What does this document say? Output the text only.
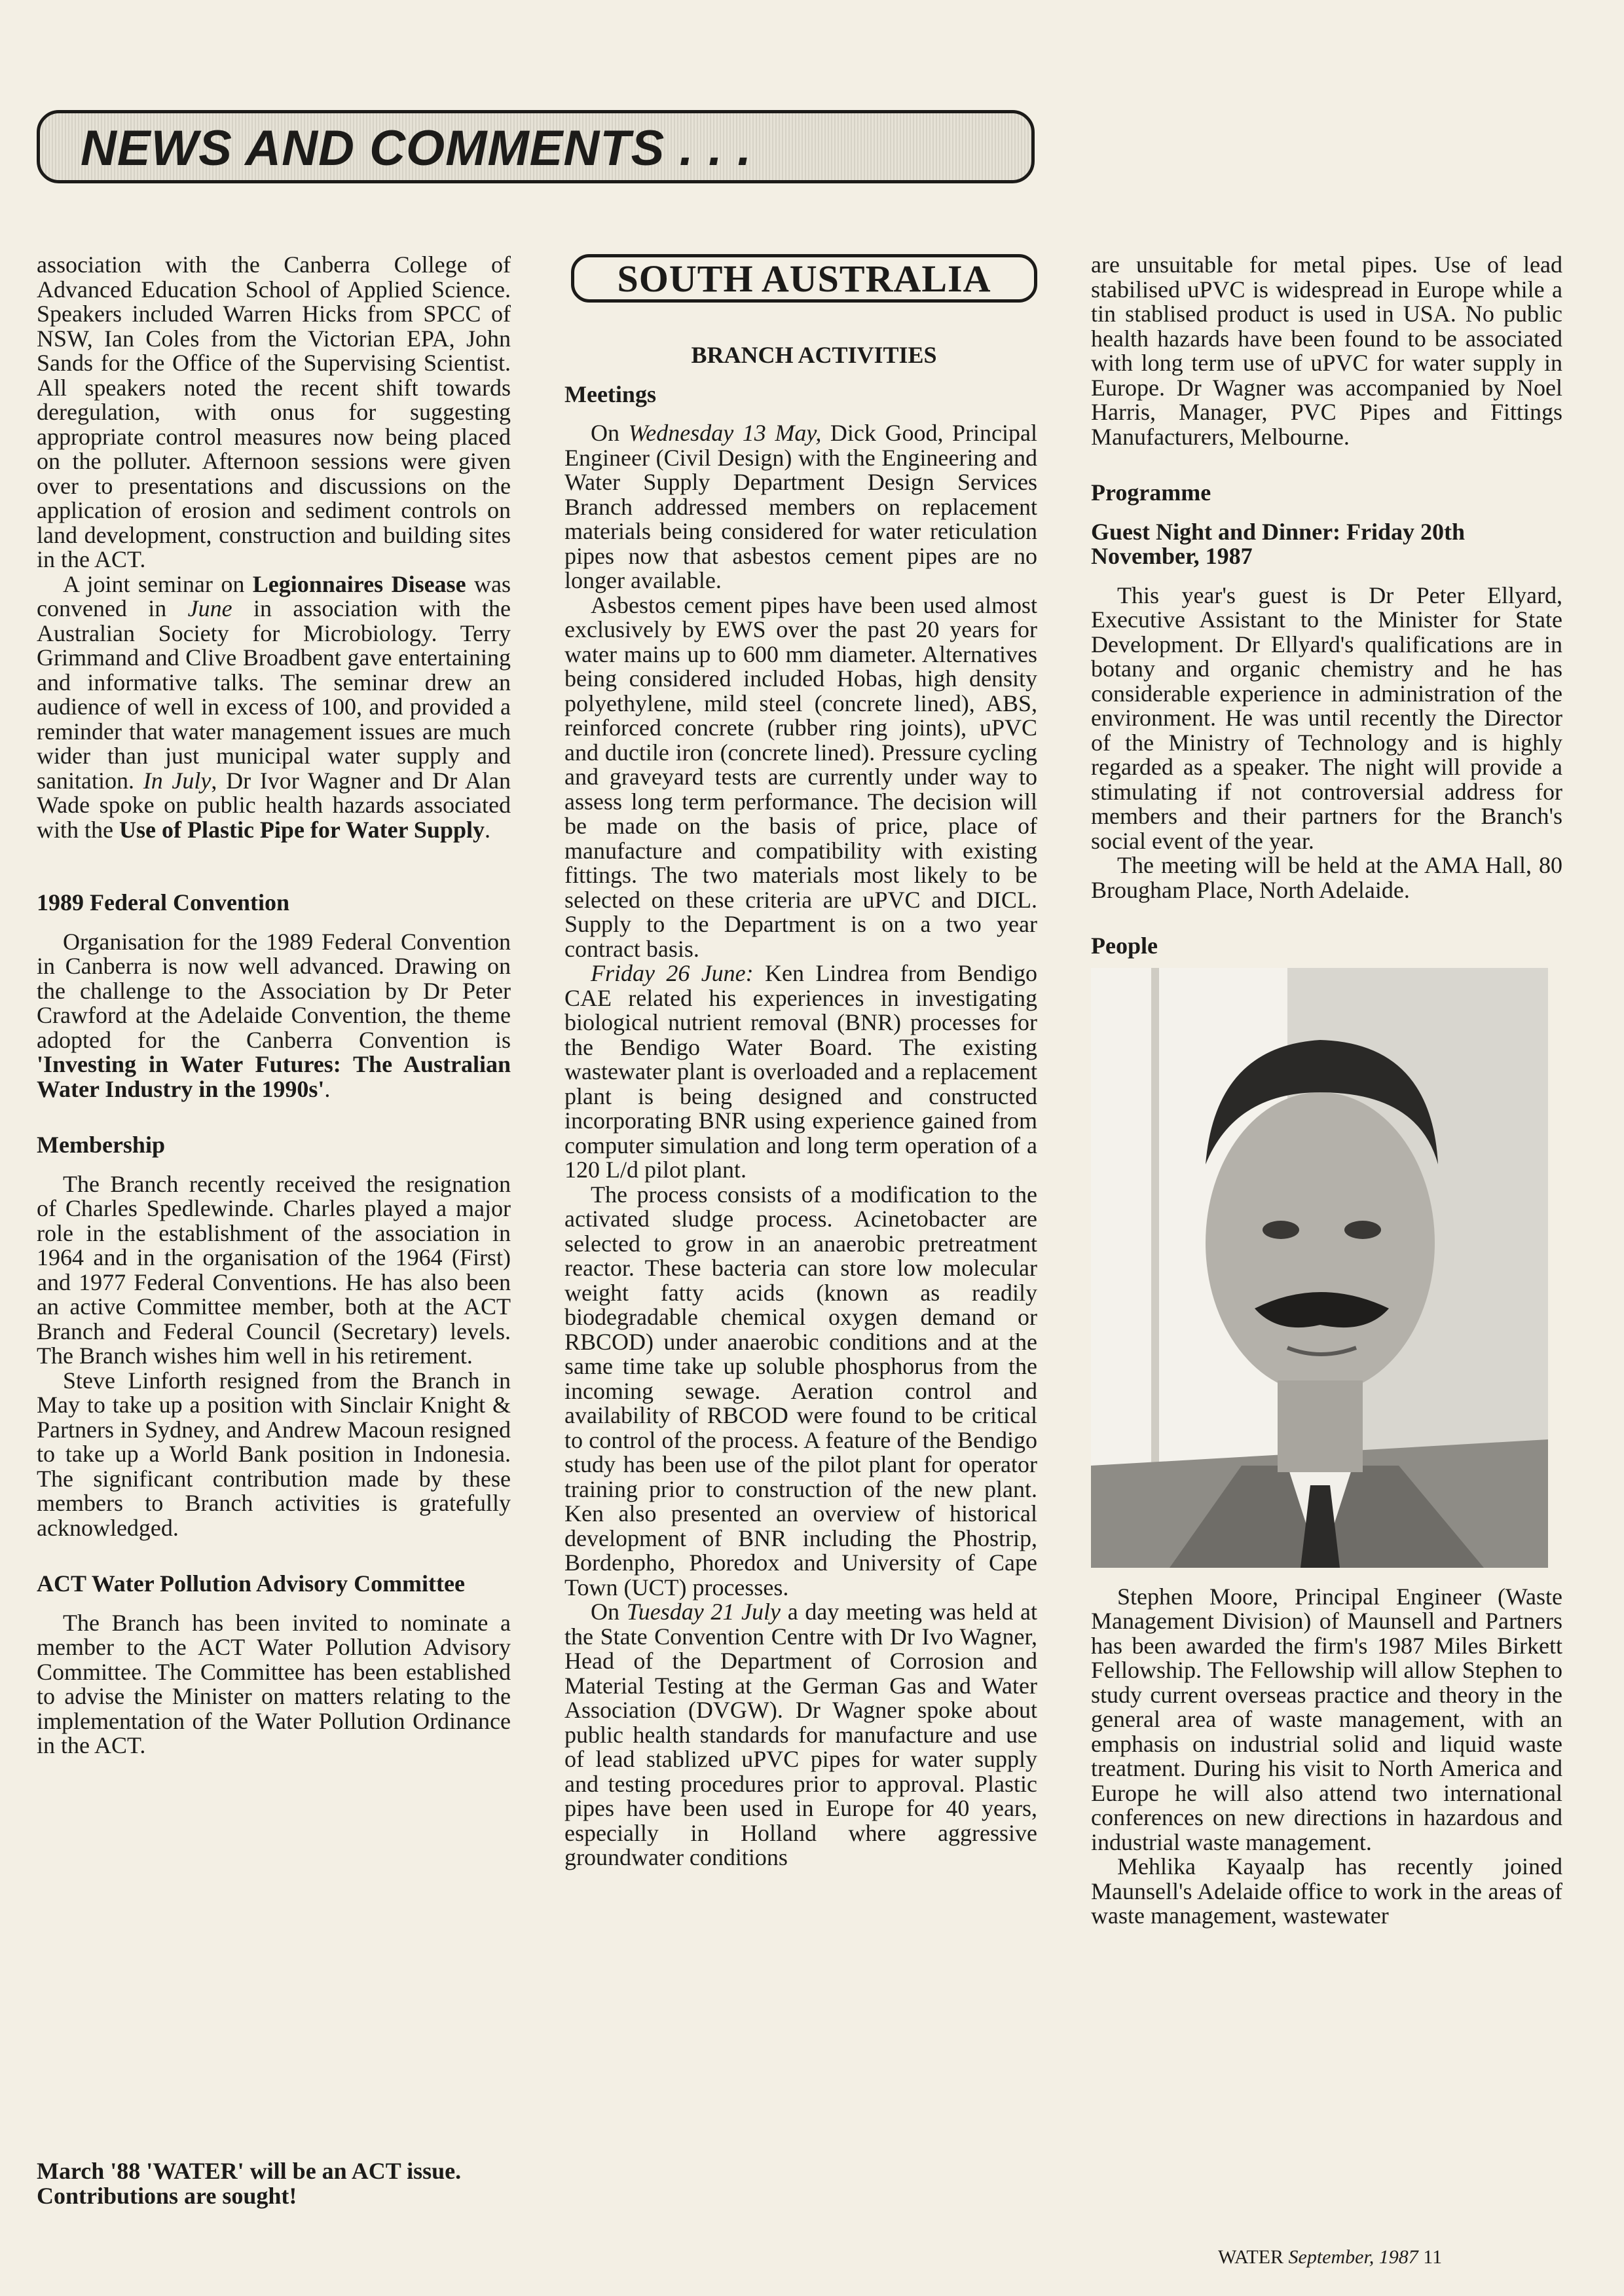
NEWS AND COMMENTS . . .

association with the Canberra College of Advanced Education School of Applied Science. Speakers included Warren Hicks from SPCC of NSW, Ian Coles from the Victorian EPA, John Sands for the Office of the Supervising Scientist. All speakers noted the recent shift towards deregulation, with onus for suggesting appropriate control measures now being placed on the polluter. Afternoon sessions were given over to presentations and discussions on the application of erosion and sediment controls on land development, construction and building sites in the ACT.

A joint seminar on Legionnaires Disease was convened in June in association with the Australian Society for Microbiology. Terry Grimmand and Clive Broadbent gave entertaining and informative talks. The seminar drew an audience of well in excess of 100, and provided a reminder that water management issues are much wider than just municipal water supply and sanitation. In July, Dr Ivor Wagner and Dr Alan Wade spoke on public health hazards associated with the Use of Plastic Pipe for Water Supply.

1989 Federal Convention

Organisation for the 1989 Federal Convention in Canberra is now well advanced. Drawing on the challenge to the Association by Dr Peter Crawford at the Adelaide Convention, the theme adopted for the Canberra Convention is 'Investing in Water Futures: The Australian Water Industry in the 1990s'.

Membership

The Branch recently received the resignation of Charles Spedlewinde. Charles played a major role in the establishment of the association in 1964 and in the organisation of the 1964 (First) and 1977 Federal Conventions. He has also been an active Committee member, both at the ACT Branch and Federal Council (Secretary) levels. The Branch wishes him well in his retirement.

Steve Linforth resigned from the Branch in May to take up a position with Sinclair Knight & Partners in Sydney, and Andrew Macoun resigned to take up a World Bank position in Indonesia. The significant contribution made by these members to Branch activities is gratefully acknowledged.

ACT Water Pollution Advisory Committee

The Branch has been invited to nominate a member to the ACT Water Pollution Advisory Committee. The Committee has been established to advise the Minister on matters relating to the implementation of the Water Pollution Ordinance in the ACT.

March '88 'WATER' will be an ACT issue. Contributions are sought!
SOUTH AUSTRALIA

BRANCH ACTIVITIES

Meetings

On Wednesday 13 May, Dick Good, Principal Engineer (Civil Design) with the Engineering and Water Supply Department Design Services Branch addressed members on replacement materials being considered for water reticulation pipes now that asbestos cement pipes are no longer available.

Asbestos cement pipes have been used almost exclusively by EWS over the past 20 years for water mains up to 600 mm diameter. Alternatives being considered included Hobas, high density polyethylene, mild steel (concrete lined), ABS, reinforced concrete (rubber ring joints), uPVC and ductile iron (concrete lined). Pressure cycling and graveyard tests are currently under way to assess long term performance. The decision will be made on the basis of price, place of manufacture and compatibility with existing fittings. The two materials most likely to be selected on these criteria are uPVC and DICL. Supply to the Department is on a two year contract basis.

Friday 26 June: Ken Lindrea from Bendigo CAE related his experiences in investigating biological nutrient removal (BNR) processes for the Bendigo Water Board. The existing wastewater plant is overloaded and a replacement plant is being designed and constructed incorporating BNR using experience gained from computer simulation and long term operation of a 120 L/d pilot plant.

The process consists of a modification to the activated sludge process. Acinetobacter are selected to grow in an anaerobic pretreatment reactor. These bacteria can store low molecular weight fatty acids (known as readily biodegradable chemical oxygen demand or RBCOD) under anaerobic conditions and at the same time take up soluble phosphorus from the incoming sewage. Aeration control and availability of RBCOD were found to be critical to control of the process. A feature of the Bendigo study has been use of the pilot plant for operator training prior to construction of the new plant. Ken also presented an overview of historical development of BNR including the Phostrip, Bordenpho, Phoredox and University of Cape Town (UCT) processes.

On Tuesday 21 July a day meeting was held at the State Convention Centre with Dr Ivo Wagner, Head of the Department of Corrosion and Material Testing at the German Gas and Water Association (DVGW). Dr Wagner spoke about public health standards for manufacture and use of lead stablized uPVC pipes for water supply and testing procedures prior to approval. Plastic pipes have been used in Europe for 40 years, especially in Holland where aggressive groundwater conditions

are unsuitable for metal pipes. Use of lead stabilised uPVC is widespread in Europe while a tin stablised product is used in USA. No public health hazards have been found to be associated with long term use of uPVC for water supply in Europe. Dr Wagner was accompanied by Noel Harris, Manager, PVC Pipes and Fittings Manufacturers, Melbourne.

Programme
Guest Night and Dinner: Friday 20th November, 1987

This year's guest is Dr Peter Ellyard, Executive Assistant to the Minister for State Development. Dr Ellyard's qualifications are in botany and organic chemistry and he has considerable experience in administration of the environment. He was until recently the Director of the Ministry of Technology and is highly regarded as a speaker. The night will provide a stimulating if not controversial address for members and their partners for the Branch's social event of the year.

The meeting will be held at the AMA Hall, 80 Brougham Place, North Adelaide.

People

Stephen Moore, Principal Engineer (Waste Management Division) of Maunsell and Partners has been awarded the firm's 1987 Miles Birkett Fellowship. The Fellowship will allow Stephen to study current overseas practice and theory in the general area of waste management, with an emphasis on industrial solid and liquid waste treatment. During his visit to North America and Europe he will also attend two international conferences on new directions in hazardous and industrial waste management.

Mehlika Kayaalp has recently joined Maunsell's Adelaide office to work in the areas of waste management, wastewater

WATER September, 1987 11
